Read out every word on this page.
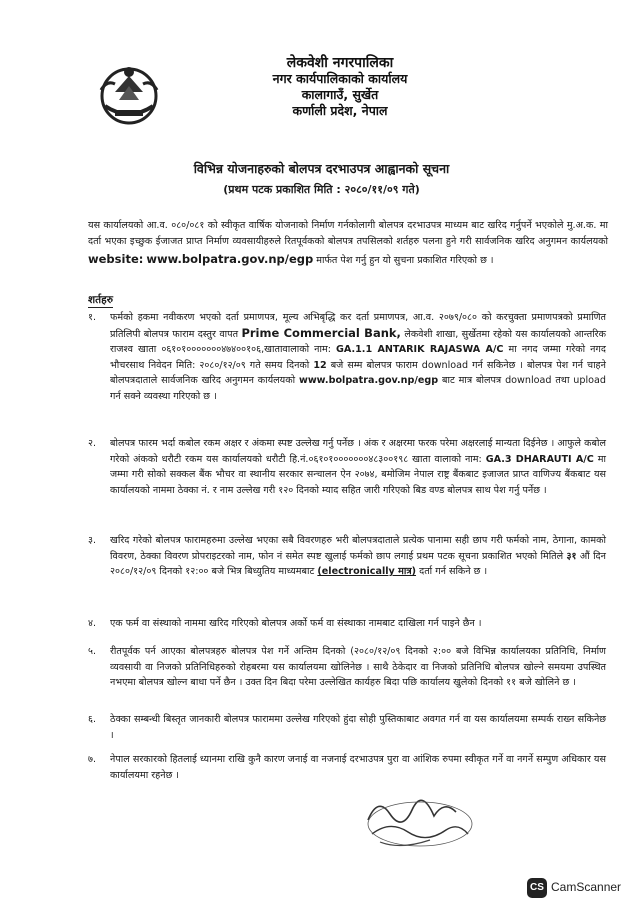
लेकवेशी नगरपालिका
नगर कार्यपालिकाको कार्यालय
कालागाउँ, सुर्खेत
कर्णाली प्रदेश, नेपाल
विभिन्न योजनाहरुको बोलपत्र दरभाउपत्र आह्वानको सूचना
(प्रथम पटक प्रकाशित मिति : २०८०/११/०९ गते)
यस कार्यालयको आ.व. ०८०/०८१ को स्वीकृत वार्षिक योजनाको निर्माण गर्नकोलागी बोलपत्र दरभाउपत्र माध्यम बाट खरिद गर्नुपर्ने भएकोले मु.अ.क. मा दर्ता भएका इच्छुक ईजाजत प्राप्त निर्माण व्यवसायीहरुले रितपूर्वकको बोलपत्र तपसिलको शर्तहरु पलना हुने गरी सार्वजनिक खरिद अनुगमन कार्यलयको website: www.bolpatra.gov.np/egp मार्फत पेश गर्नु हुन यो सुचना प्रकाशित गरिएको छ ।
शर्तहरु
१.	फर्मको हकमा नवीकरण भएको दर्ता प्रमाणपत्र, मूल्य अभिबृद्धि कर दर्ता प्रमाणपत्र, आ.व. २०७९/०८० को करचुक्ता प्रमाणपत्रको प्रमाणित प्रतिलिपी बोलपत्र फाराम दस्तुर वापत Prime Commercial Bank, लेकवेशी शाखा, सुर्खेतमा रहेको यस कार्यालयको आन्तरिक राजश्व खाता ०६१०१०००००००४७४००१०६,खातावालाको नाम: GA.1.1 ANTARIK RAJASWA A/C मा नगद जम्मा गरेको नगद भौचरसाथ निवेदन मिति: २०८०/१२/०९ गते समय दिनको 12 बजे सम्म बोलपत्र फाराम download गर्न सकिनेछ । बोलपत्र पेश गर्न चाहने बोलपत्रदाताले सार्वजनिक खरिद अनुगमन कार्यलयको www.bolpatra.gov.np/egp बाट मात्र बोलपत्र download तथा upload गर्न सक्ने व्यवस्था गरिएको छ ।
२.	बोलपत्र फारम भर्दा कबोल रकम अक्षर र अंकमा स्पष्ट उल्लेख गर्नु पर्नेछ । अंक र अक्षरमा फरक परेमा अक्षरलाई मान्यता दिईनेछ । आफुले कबोल गरेको अंकको धरौटी रकम यस कार्यालयको धरौटी हि.नं.०६१०१०००००००४८३००१९८ खाता वालाको नाम: GA.3 DHARAUTI A/C मा जम्मा गरी सोको सक्कल बैंक भौचर वा स्थानीय सरकार सन्चालन ऐन २०७४, बमोजिम नेपाल राष्ट्र बैंकबाट इजाजत प्राप्त वाणिज्य बैंकबाट यस कार्यालयको नाममा ठेक्का नं. र नाम उल्लेख गरी १२० दिनको म्याद सहित जारी गरिएको बिड वण्ड बोलपत्र साथ पेश गर्नु पर्नेछ ।
३.	खरिद गरेको बोलपत्र फारामहरुमा उल्लेख भएका सबै विवरणहरु भरी बोलपत्रदाताले प्रत्येक पानामा सही छाप गरी फर्मको नाम, ठेगाना, कामको विवरण, ठेक्का विवरण प्रोपराइटरको नाम, फोन नं समेत स्पष्ट खुलाई फर्मको छाप लगाई प्रथम पटक सूचना प्रकाशित भएको मितिले ३१ औं दिन २०८०/१२/०९ दिनको १२:०० बजे भित्र बिध्युतिय माध्यमबाट (electronically मात्र) दर्ता गर्न सकिने छ ।
४.	एक फर्म वा संस्थाको नाममा खरिद गरिएको बोलपत्र अर्को फर्म वा संस्थाका नामबाट दाखिला गर्न पाइने छैन ।
५.	रीतपूर्वक पर्न आएका बोलपत्रहरु बोलपत्र पेश गर्ने अन्तिम दिनको (२०८०/१२/०९ दिनको २:०० बजे विभिन्न कार्यालयका प्रतिनिधि, निर्माण व्यवसायी वा निजको प्रतिनिधिहरुको रोहबरमा यस कार्यालयमा खोलिनेछ । साथै ठेकेदार वा निजको प्रतिनिधि बोलपत्र खोल्ने समयमा उपस्थित नभएमा बोलपत्र खोल्न बाधा पर्ने छैन । उक्त दिन बिदा परेमा उल्लेखित कार्यहरु बिदा पछि कार्यालय खुलेको दिनको ११ बजे खोलिने छ ।
६.	ठेक्का सम्बन्धी बिस्तृत जानकारी बोलपत्र फाराममा उल्लेख गरिएको हुंदा सोही पुस्तिकाबाट अवगत गर्न वा यस कार्यालयमा सम्पर्क राख्न सकिनेछ ।
७.	नेपाल सरकारको हितलाई ध्यानमा राखि कुनै कारण जनाई वा नजनाई दरभाउपत्र पुरा वा आंशिक रुपमा स्वीकृत गर्ने वा नगर्ने सम्पुण अधिकार यस कार्यालयमा रहनेछ ।
CS CamScanner
